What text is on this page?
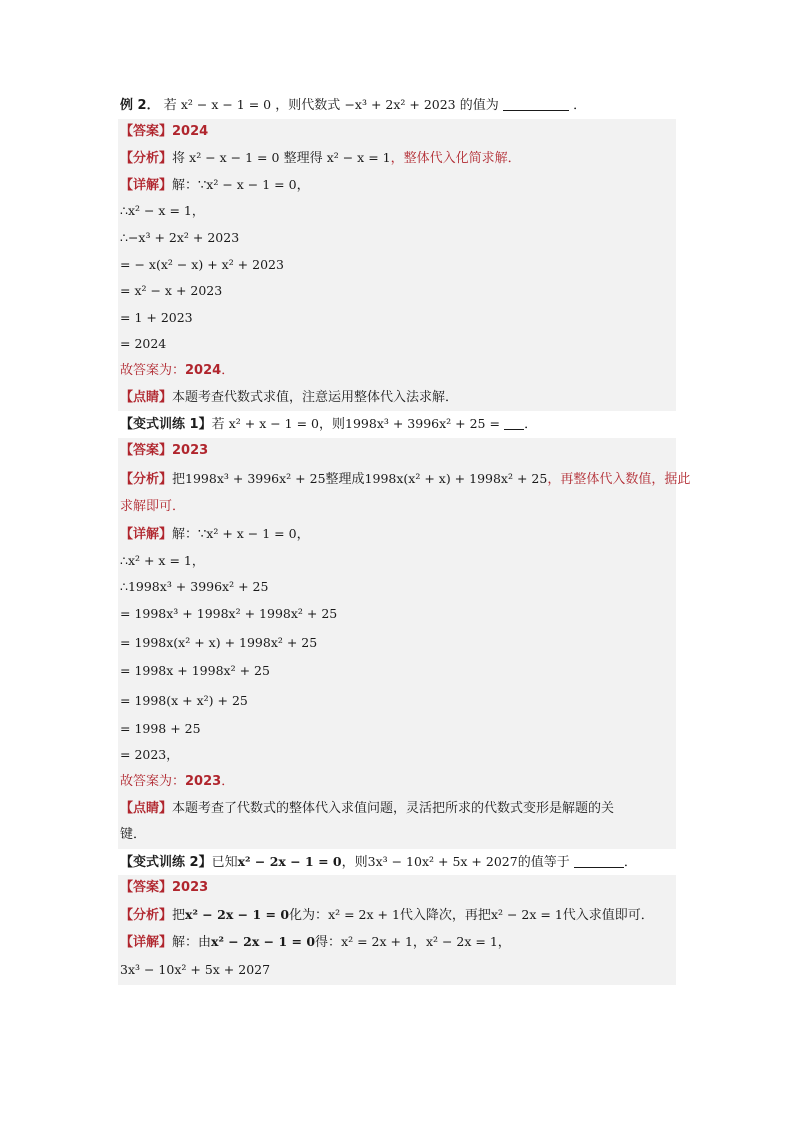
例 2． 若 x² − x − 1 = 0 ，则代数式 −x³ + 2x² + 2023 的值为	．
【答案】2024
【分析】将 x² − x − 1 = 0 整理得 x² − x = 1，整体代入化简求解．
【详解】解：∵x² − x − 1 = 0，
∴x² − x = 1，
∴−x³ + 2x² + 2023
= − x(x² − x) + x² + 2023
= x² − x + 2023
= 1 + 2023
= 2024
故答案为：2024．
【点睛】本题考查代数式求值，注意运用整体代入法求解．
【变式训练 1】若 x² + x − 1 = 0，则1998x³ + 3996x² + 25 = ．
【答案】2023
【分析】把1998x³ + 3996x² + 25整理成1998x(x² + x) + 1998x² + 25，再整体代入数值，据此
求解即可．
【详解】解：∵x² + x − 1 = 0，
∴x² + x = 1，
∴1998x³ + 3996x² + 25
= 1998x³ + 1998x² + 1998x² + 25
= 1998x(x² + x) + 1998x² + 25
= 1998x + 1998x² + 25
= 1998(x + x²) + 25
= 1998 + 25
= 2023，
故答案为：2023．
【点睛】本题考查了代数式的整体代入求值问题，灵活把所求的代数式变形是解题的关
键．
【变式训练 2】已知x² − 2x − 1 = 0，则3x³ − 10x² + 5x + 2027的值等于	．
【答案】2023
【分析】把x² − 2x − 1 = 0化为：x² = 2x + 1代入降次，再把x² − 2x = 1代入求值即可．
【详解】解：由x² − 2x − 1 = 0得：x² = 2x + 1，x² − 2x = 1，
3x³ − 10x² + 5x + 2027
